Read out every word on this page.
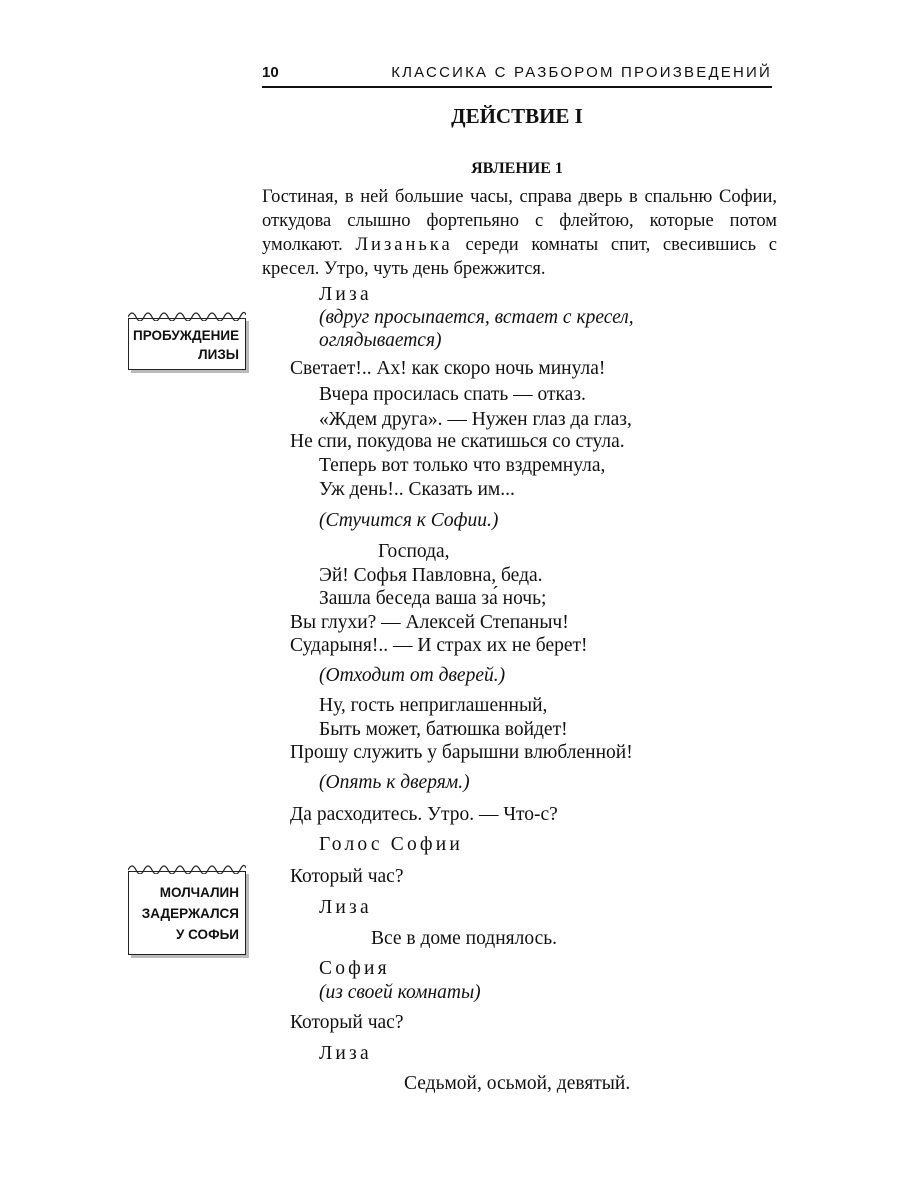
10	КЛАССИКА С РАЗБОРОМ ПРОИЗВЕДЕНИЙ
ДЕЙСТВИЕ I
ЯВЛЕНИЕ 1
Гостиная, в ней большие часы, справа дверь в спальню Софии, откудова слышно фортепьяно с флейтою, которые потом умолкают. Лизанька середи комнаты спит, свесившись с кресел. Утро, чуть день брежжится.
ПРОБУЖДЕНИЕ
ЛИЗЫ
МОЛЧАЛИН
ЗАДЕРЖАЛСЯ
У СОФЬИ
Лиза
(вдруг просыпается, встает с кресел,
оглядывается)
Светает!.. Ах! как скоро ночь минула!
Вчера просилась спать — отказ.
«Ждем друга». — Нужен глаз да глаз,
Не спи, покудова не скатишься со стула.
Теперь вот только что вздремнула,
Уж день!.. Сказать им...
(Стучится к Софии.)
Господа,
Эй! Софья Павловна, беда.
Зашла беседа ваша за́ ночь;
Вы глухи? — Алексей Степаныч!
Сударыня!.. — И страх их не берет!
(Отходит от дверей.)
Ну, гость неприглашенный,
Быть может, батюшка войдет!
Прошу служить у барышни влюбленной!
(Опять к дверям.)
Да расходитесь. Утро. — Что-с?
Голос Софии
Который час?
Лиза
Все в доме поднялось.
София
(из своей комнаты)
Который час?
Лиза
Седьмой, осьмой, девятый.
